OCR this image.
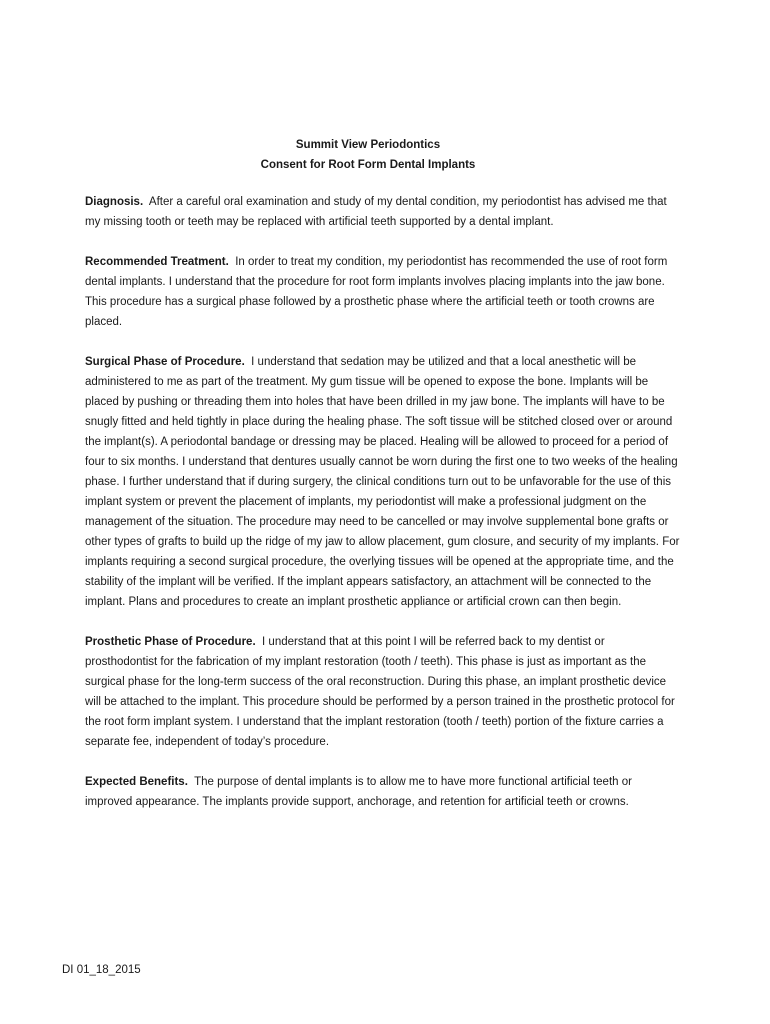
Summit View Periodontics
Consent for Root Form Dental Implants

Diagnosis. After a careful oral examination and study of my dental condition, my periodontist has advised me that my missing tooth or teeth may be replaced with artificial teeth supported by a dental implant.

Recommended Treatment. In order to treat my condition, my periodontist has recommended the use of root form dental implants. I understand that the procedure for root form implants involves placing implants into the jaw bone. This procedure has a surgical phase followed by a prosthetic phase where the artificial teeth or tooth crowns are placed.

Surgical Phase of Procedure. I understand that sedation may be utilized and that a local anesthetic will be administered to me as part of the treatment. My gum tissue will be opened to expose the bone. Implants will be placed by pushing or threading them into holes that have been drilled in my jaw bone. The implants will have to be snugly fitted and held tightly in place during the healing phase. The soft tissue will be stitched closed over or around the implant(s). A periodontal bandage or dressing may be placed. Healing will be allowed to proceed for a period of four to six months. I understand that dentures usually cannot be worn during the first one to two weeks of the healing phase. I further understand that if during surgery, the clinical conditions turn out to be unfavorable for the use of this implant system or prevent the placement of implants, my periodontist will make a professional judgment on the management of the situation. The procedure may need to be cancelled or may involve supplemental bone grafts or other types of grafts to build up the ridge of my jaw to allow placement, gum closure, and security of my implants. For implants requiring a second surgical procedure, the overlying tissues will be opened at the appropriate time, and the stability of the implant will be verified. If the implant appears satisfactory, an attachment will be connected to the implant. Plans and procedures to create an implant prosthetic appliance or artificial crown can then begin.

Prosthetic Phase of Procedure. I understand that at this point I will be referred back to my dentist or prosthodontist for the fabrication of my implant restoration (tooth / teeth). This phase is just as important as the surgical phase for the long-term success of the oral reconstruction. During this phase, an implant prosthetic device will be attached to the implant. This procedure should be performed by a person trained in the prosthetic protocol for the root form implant system. I understand that the implant restoration (tooth / teeth) portion of the fixture carries a separate fee, independent of today’s procedure.

Expected Benefits. The purpose of dental implants is to allow me to have more functional artificial teeth or improved appearance. The implants provide support, anchorage, and retention for artificial teeth or crowns.

DI 01_18_2015
